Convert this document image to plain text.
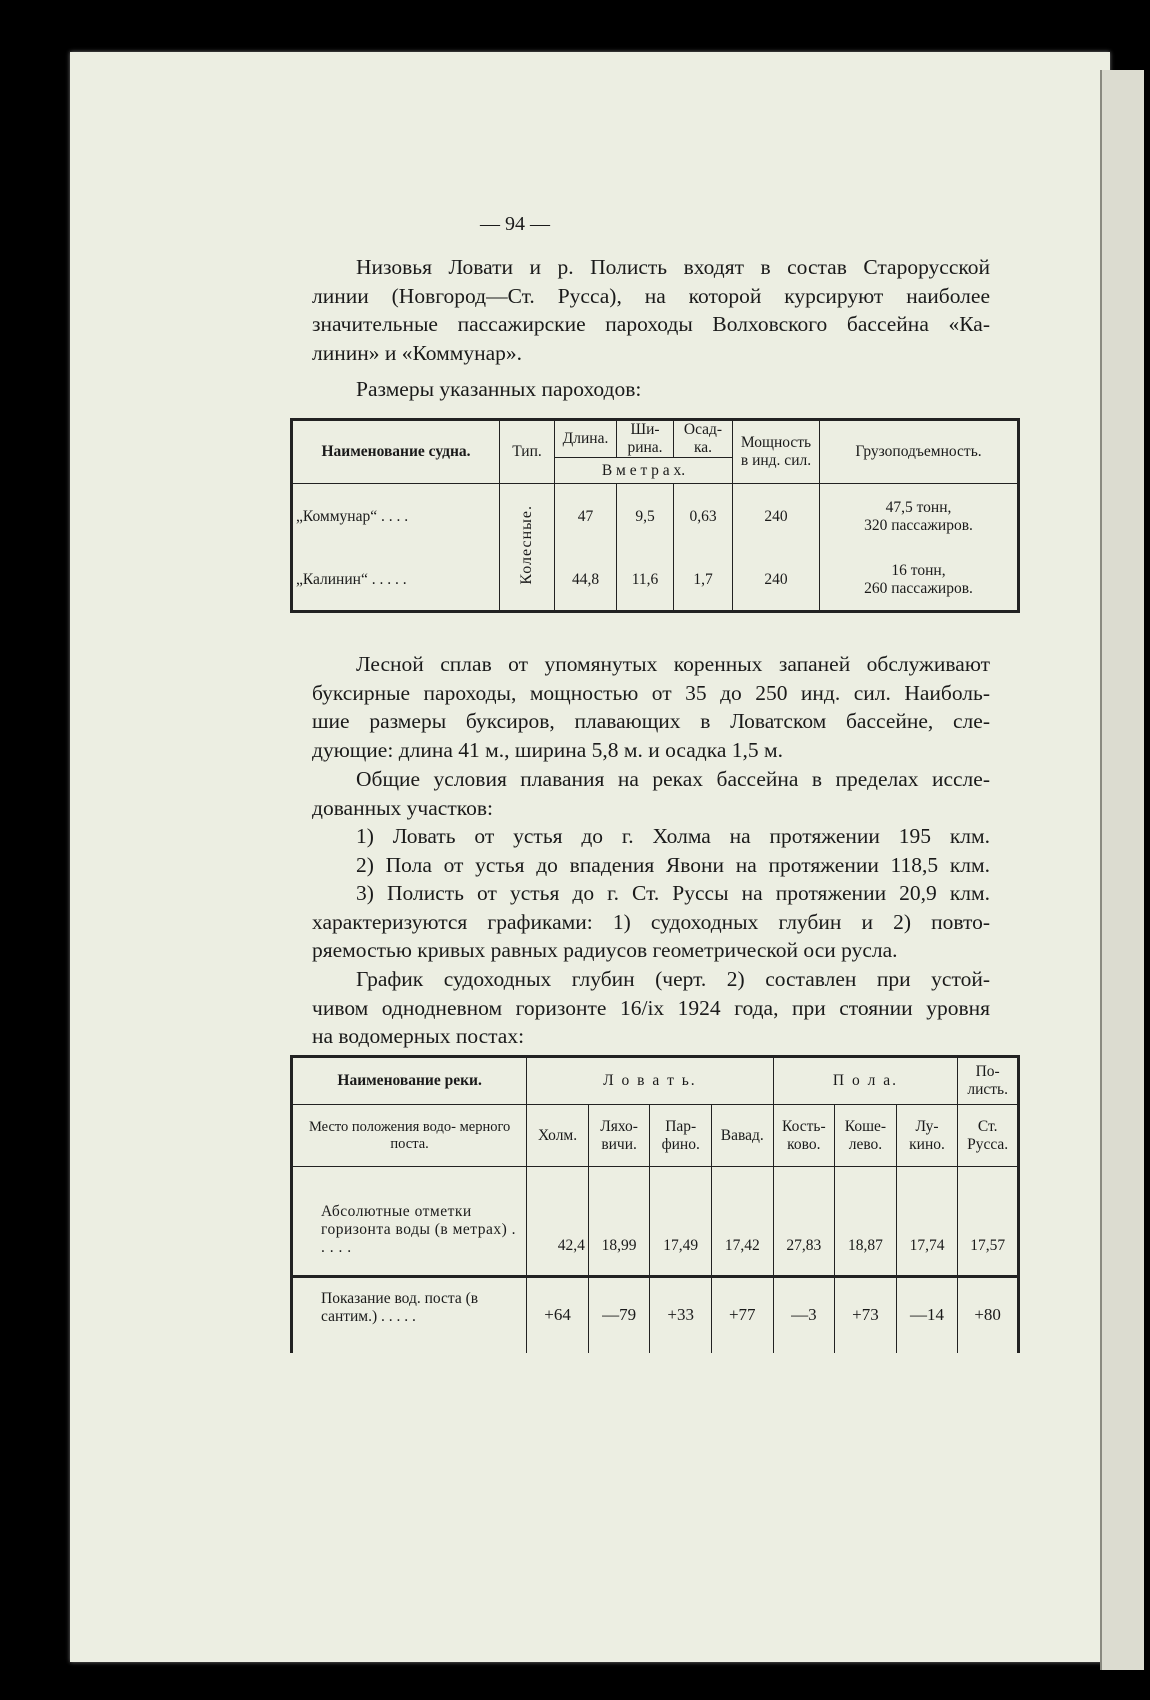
— 94 —
Низовья Ловати и р. Полисть входят в состав Старорусской
линии (Новгород—Ст. Русса), на которой курсируют наиболее
значительные пассажирские пароходы Волховского бассейна «Ка-
линин» и «Коммунар».
Размеры указанных пароходов:
Наименование судна.	Тип.	Длина.	Ши- рина.	Осад- ка.	Мощность в инд. сил.	Грузоподъемность.
		В м е т р а х.				
„Коммунар“ . . . .	Колесные.	47	9,5	0,63	240	47,5 тонн,
320 пассажиров.

„Калинин“ . . . . .		44,8	11,6	1,7	240	16 тонн,
260 пассажиров.
Лесной сплав от упомянутых коренных запаней обслуживают
буксирные пароходы, мощностью от 35 до 250 инд. сил. Наиболь-
шие размеры буксиров, плавающих в Ловатском бассейне, сле-
дующие: длина 41 м., ширина 5,8 м. и осадка 1,5 м.
Общие условия плавания на реках бассейна в пределах иссле-
дованных участков:
1) Ловать от устья до г. Холма на протяжении 195 клм.
2) Пола от устья до впадения Явони на протяжении 118,5 клм.
3) Полисть от устья до г. Ст. Руссы на протяжении 20,9 клм.
характеризуются графиками: 1) судоходных глубин и 2) повто-
ряемостью кривых равных радиусов геометрической оси русла.
График судоходных глубин (черт. 2) составлен при устой-
чивом однодневном горизонте 16/ix 1924 года, при стоянии уровня
на водомерных постах:
Наименование реки.	Л о в а т ь.				П о л а.			По- листь.
Место положения водо- мерного поста.	Холм.	Ляхо- вичи.	Пар- фино.	Вавад.	Кость- ково.	Коше- лево.	Лу- кино.	Ст. Русса.
Абсолютные отметки горизонта воды (в метрах) . . . . .	42,4	18,99	17,49	17,42	27,83	18,87	17,74	17,57
Показание вод. поста (в сантим.) . . . . .	+64	—79	+33	+77	—3	+73	—14	+80
